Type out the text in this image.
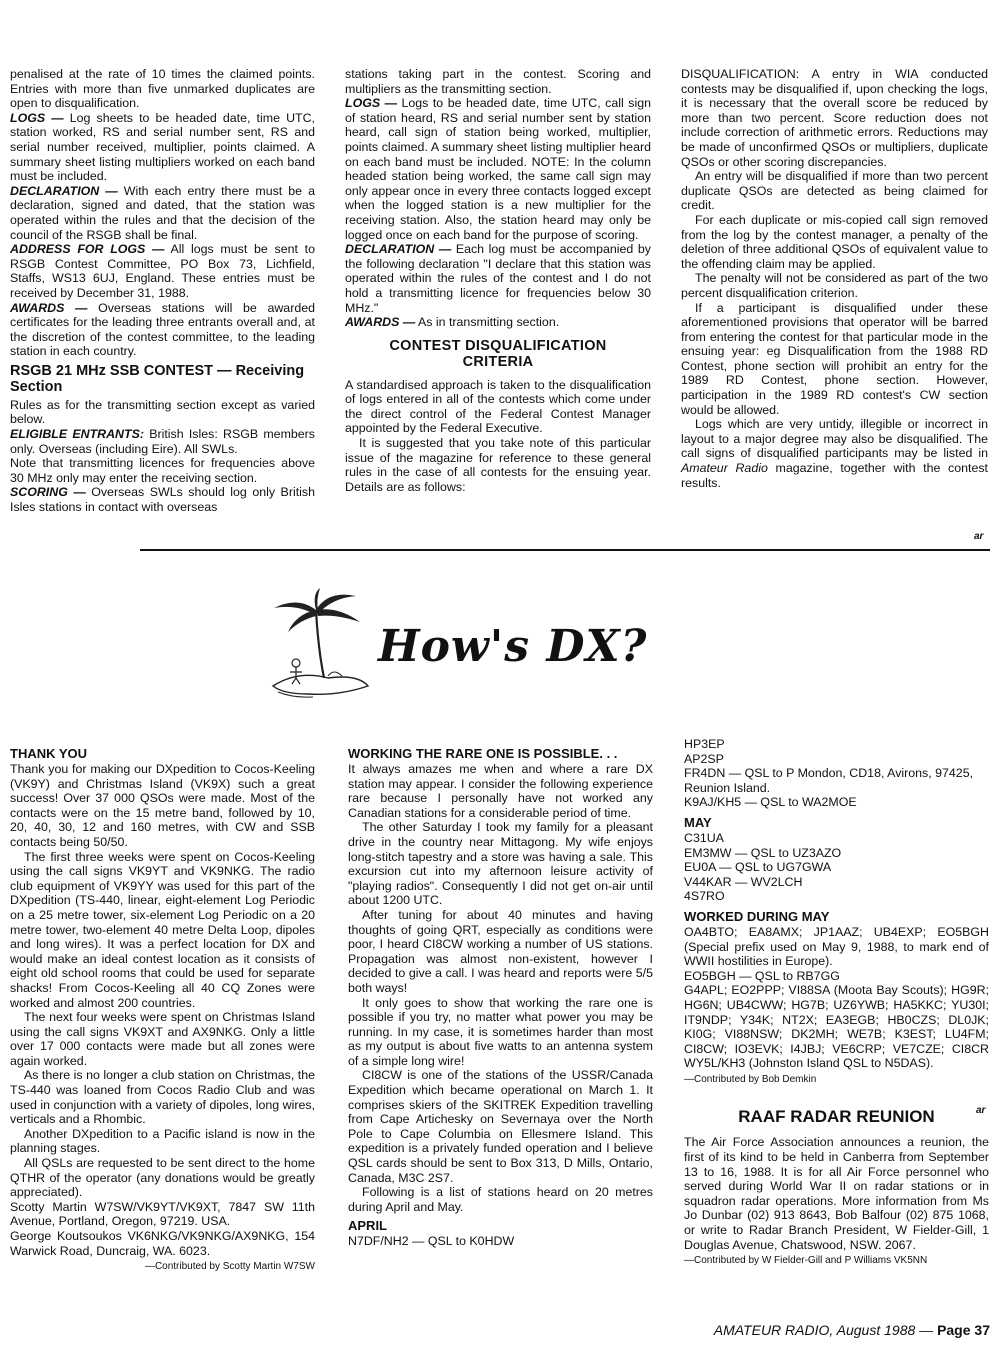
penalised at the rate of 10 times the claimed points. Entries with more than five unmarked duplicates are open to disqualification.

LOGS — Log sheets to be headed date, time UTC, station worked, RS and serial number sent, RS and serial number received, multiplier, points claimed. A summary sheet listing multipliers worked on each band must be included.

DECLARATION — With each entry there must be a declaration, signed and dated, that the station was operated within the rules and that the decision of the council of the RSGB shall be final.

ADDRESS FOR LOGS — All logs must be sent to RSGB Contest Committee, PO Box 73, Lichfield, Staffs, WS13 6UJ, England. These entries must be received by December 31, 1988.

AWARDS — Overseas stations will be awarded certificates for the leading three entrants overall and, at the discretion of the contest committee, to the leading station in each country.

RSGB 21 MHz SSB CONTEST — Receiving Section

Rules as for the transmitting section except as varied below.

ELIGIBLE ENTRANTS: British Isles: RSGB members only. Overseas (including Eire). All SWLs.

Note that transmitting licences for frequencies above 30 MHz only may enter the receiving section.

SCORING — Overseas SWLs should log only British Isles stations in contact with overseas

stations taking part in the contest. Scoring and multipliers as the transmitting section.

LOGS — Logs to be headed date, time UTC, call sign of station heard, RS and serial number sent by station heard, call sign of station being worked, multiplier, points claimed. A summary sheet listing multiplier heard on each band must be included. NOTE: In the column headed station being worked, the same call sign may only appear once in every three contacts logged except when the logged station is a new multiplier for the receiving station. Also, the station heard may only be logged once on each band for the purpose of scoring.

DECLARATION — Each log must be accompanied by the following declaration "I declare that this station was operated within the rules of the contest and I do not hold a transmitting licence for frequencies below 30 MHz."

AWARDS — As in transmitting section.

CONTEST DISQUALIFICATION CRITERIA

A standardised approach is taken to the disqualification of logs entered in all of the contests which come under the direct control of the Federal Contest Manager appointed by the Federal Executive.

It is suggested that you take note of this particular issue of the magazine for reference to these general rules in the case of all contests for the ensuing year. Details are as follows:

DISQUALIFICATION: A entry in WIA conducted contests may be disqualified if, upon checking the logs, it is necessary that the overall score be reduced by more than two percent. Score reduction does not include correction of arithmetic errors. Reductions may be made of unconfirmed QSOs or multipliers, duplicate QSOs or other scoring discrepancies.

An entry will be disqualified if more than two percent duplicate QSOs are detected as being claimed for credit.

For each duplicate or mis-copied call sign removed from the log by the contest manager, a penalty of the deletion of three additional QSOs of equivalent value to the offending claim may be applied.

The penalty will not be considered as part of the two percent disqualification criterion.

If a participant is disqualified under these aforementioned provisions that operator will be barred from entering the contest for that particular mode in the ensuing year: eg Disqualification from the 1988 RD Contest, phone section will prohibit an entry for the 1989 RD Contest, phone section. However, participation in the 1989 RD contest's CW section would be allowed.

Logs which are very untidy, illegible or incorrect in layout to a major degree may also be disqualified. The call signs of disqualified participants may be listed in Amateur Radio magazine, together with the contest results.

ar
How's DX?
THANK YOU

Thank you for making our DXpedition to Cocos-Keeling (VK9Y) and Christmas Island (VK9X) such a great success! Over 37 000 QSOs were made. Most of the contacts were on the 15 metre band, followed by 10, 20, 40, 30, 12 and 160 metres, with CW and SSB contacts being 50/50.

The first three weeks were spent on Cocos-Keeling using the call signs VK9YT and VK9NKG. The radio club equipment of VK9YY was used for this part of the DXpedition (TS-440, linear, eight-element Log Periodic on a 25 metre tower, six-element Log Periodic on a 20 metre tower, two-element 40 metre Delta Loop, dipoles and long wires). It was a perfect location for DX and would make an ideal contest location as it consists of eight old school rooms that could be used for separate shacks! From Cocos-Keeling all 40 CQ Zones were worked and almost 200 countries.

The next four weeks were spent on Christmas Island using the call signs VK9XT and AX9NKG. Only a little over 17 000 contacts were made but all zones were again worked.

As there is no longer a club station on Christmas, the TS-440 was loaned from Cocos Radio Club and was used in conjunction with a variety of dipoles, long wires, verticals and a Rhombic.

Another DXpedition to a Pacific island is now in the planning stages.

All QSLs are requested to be sent direct to the home QTHR of the operator (any donations would be greatly appreciated).

Scotty Martin W7SW/VK9YT/VK9XT, 7847 SW 11th Avenue, Portland, Oregon, 97219. USA.

George Koutsoukos VK6NKG/VK9NKG/AX9NKG, 154 Warwick Road, Duncraig, WA. 6023.

—Contributed by Scotty Martin W7SW

WORKING THE RARE ONE IS POSSIBLE. . .

It always amazes me when and where a rare DX station may appear. I consider the following experience rare because I personally have not worked any Canadian stations for a considerable period of time.

The other Saturday I took my family for a pleasant drive in the country near Mittagong. My wife enjoys long-stitch tapestry and a store was having a sale. This excursion cut into my afternoon leisure activity of "playing radios". Consequently I did not get on-air until about 1200 UTC.

After tuning for about 40 minutes and having thoughts of going QRT, especially as conditions were poor, I heard CI8CW working a number of US stations. Propagation was almost non-existent, however I decided to give a call. I was heard and reports were 5/5 both ways!

It only goes to show that working the rare one is possible if you try, no matter what power you may be running. In my case, it is sometimes harder than most as my output is about five watts to an antenna system of a simple long wire!

CI8CW is one of the stations of the USSR/Canada Expedition which became operational on March 1. It comprises skiers of the SKITREK Expedition travelling from Cape Artichesky on Severnaya over the North Pole to Cape Columbia on Ellesmere Island. This expedition is a privately funded operation and I believe QSL cards should be sent to Box 313, D Mills, Ontario, Canada, M3C 2S7.

Following is a list of stations heard on 20 metres during April and May.

APRIL

N7DF/NH2 — QSL to K0HDW

HP3EP

AP2SP

FR4DN — QSL to P Mondon, CD18, Avirons, 97425, Reunion Island.

K9AJ/KH5 — QSL to WA2MOE

MAY

C31UA

EM3MW — QSL to UZ3AZO

EU0A — QSL to UG7GWA

V44KAR — WV2LCH

4S7RO

WORKED DURING MAY

OA4BTO; EA8AMX; JP1AAZ; UB4EXP; EO5BGH (Special prefix used on May 9, 1988, to mark end of WWII hostilities in Europe).

EO5BGH — QSL to RB7GG

G4APL; EO2PPP; VI88SA (Moota Bay Scouts); HG9R; HG6N; UB4CWW; HG7B; UZ6YWB; HA5KKC; YU30I; IT9NDP; Y34K; NT2X; EA3EGB; HB0CZS; DL0JK; KI0G; VI88NSW; DK2MH; WE7B; K3EST; LU4FM; CI8CW; IO3EVK; I4JBJ; VE6CRP; VE7CZE; CI8CR WY5L/KH3 (Johnston Island QSL to N5DAS).

—Contributed by Bob Demkin

RAAF RADAR REUNION

The Air Force Association announces a reunion, the first of its kind to be held in Canberra from September 13 to 16, 1988. It is for all Air Force personnel who served during World War II on radar stations or in squadron radar operations. More information from Ms Jo Dunbar (02) 913 8643, Bob Balfour (02) 875 1068, or write to Radar Branch President, W Fielder-Gill, 1 Douglas Avenue, Chatswood, NSW. 2067.

—Contributed by W Fielder-Gill and P Williams VK5NN

ar
AMATEUR RADIO, August 1988 — Page 37
